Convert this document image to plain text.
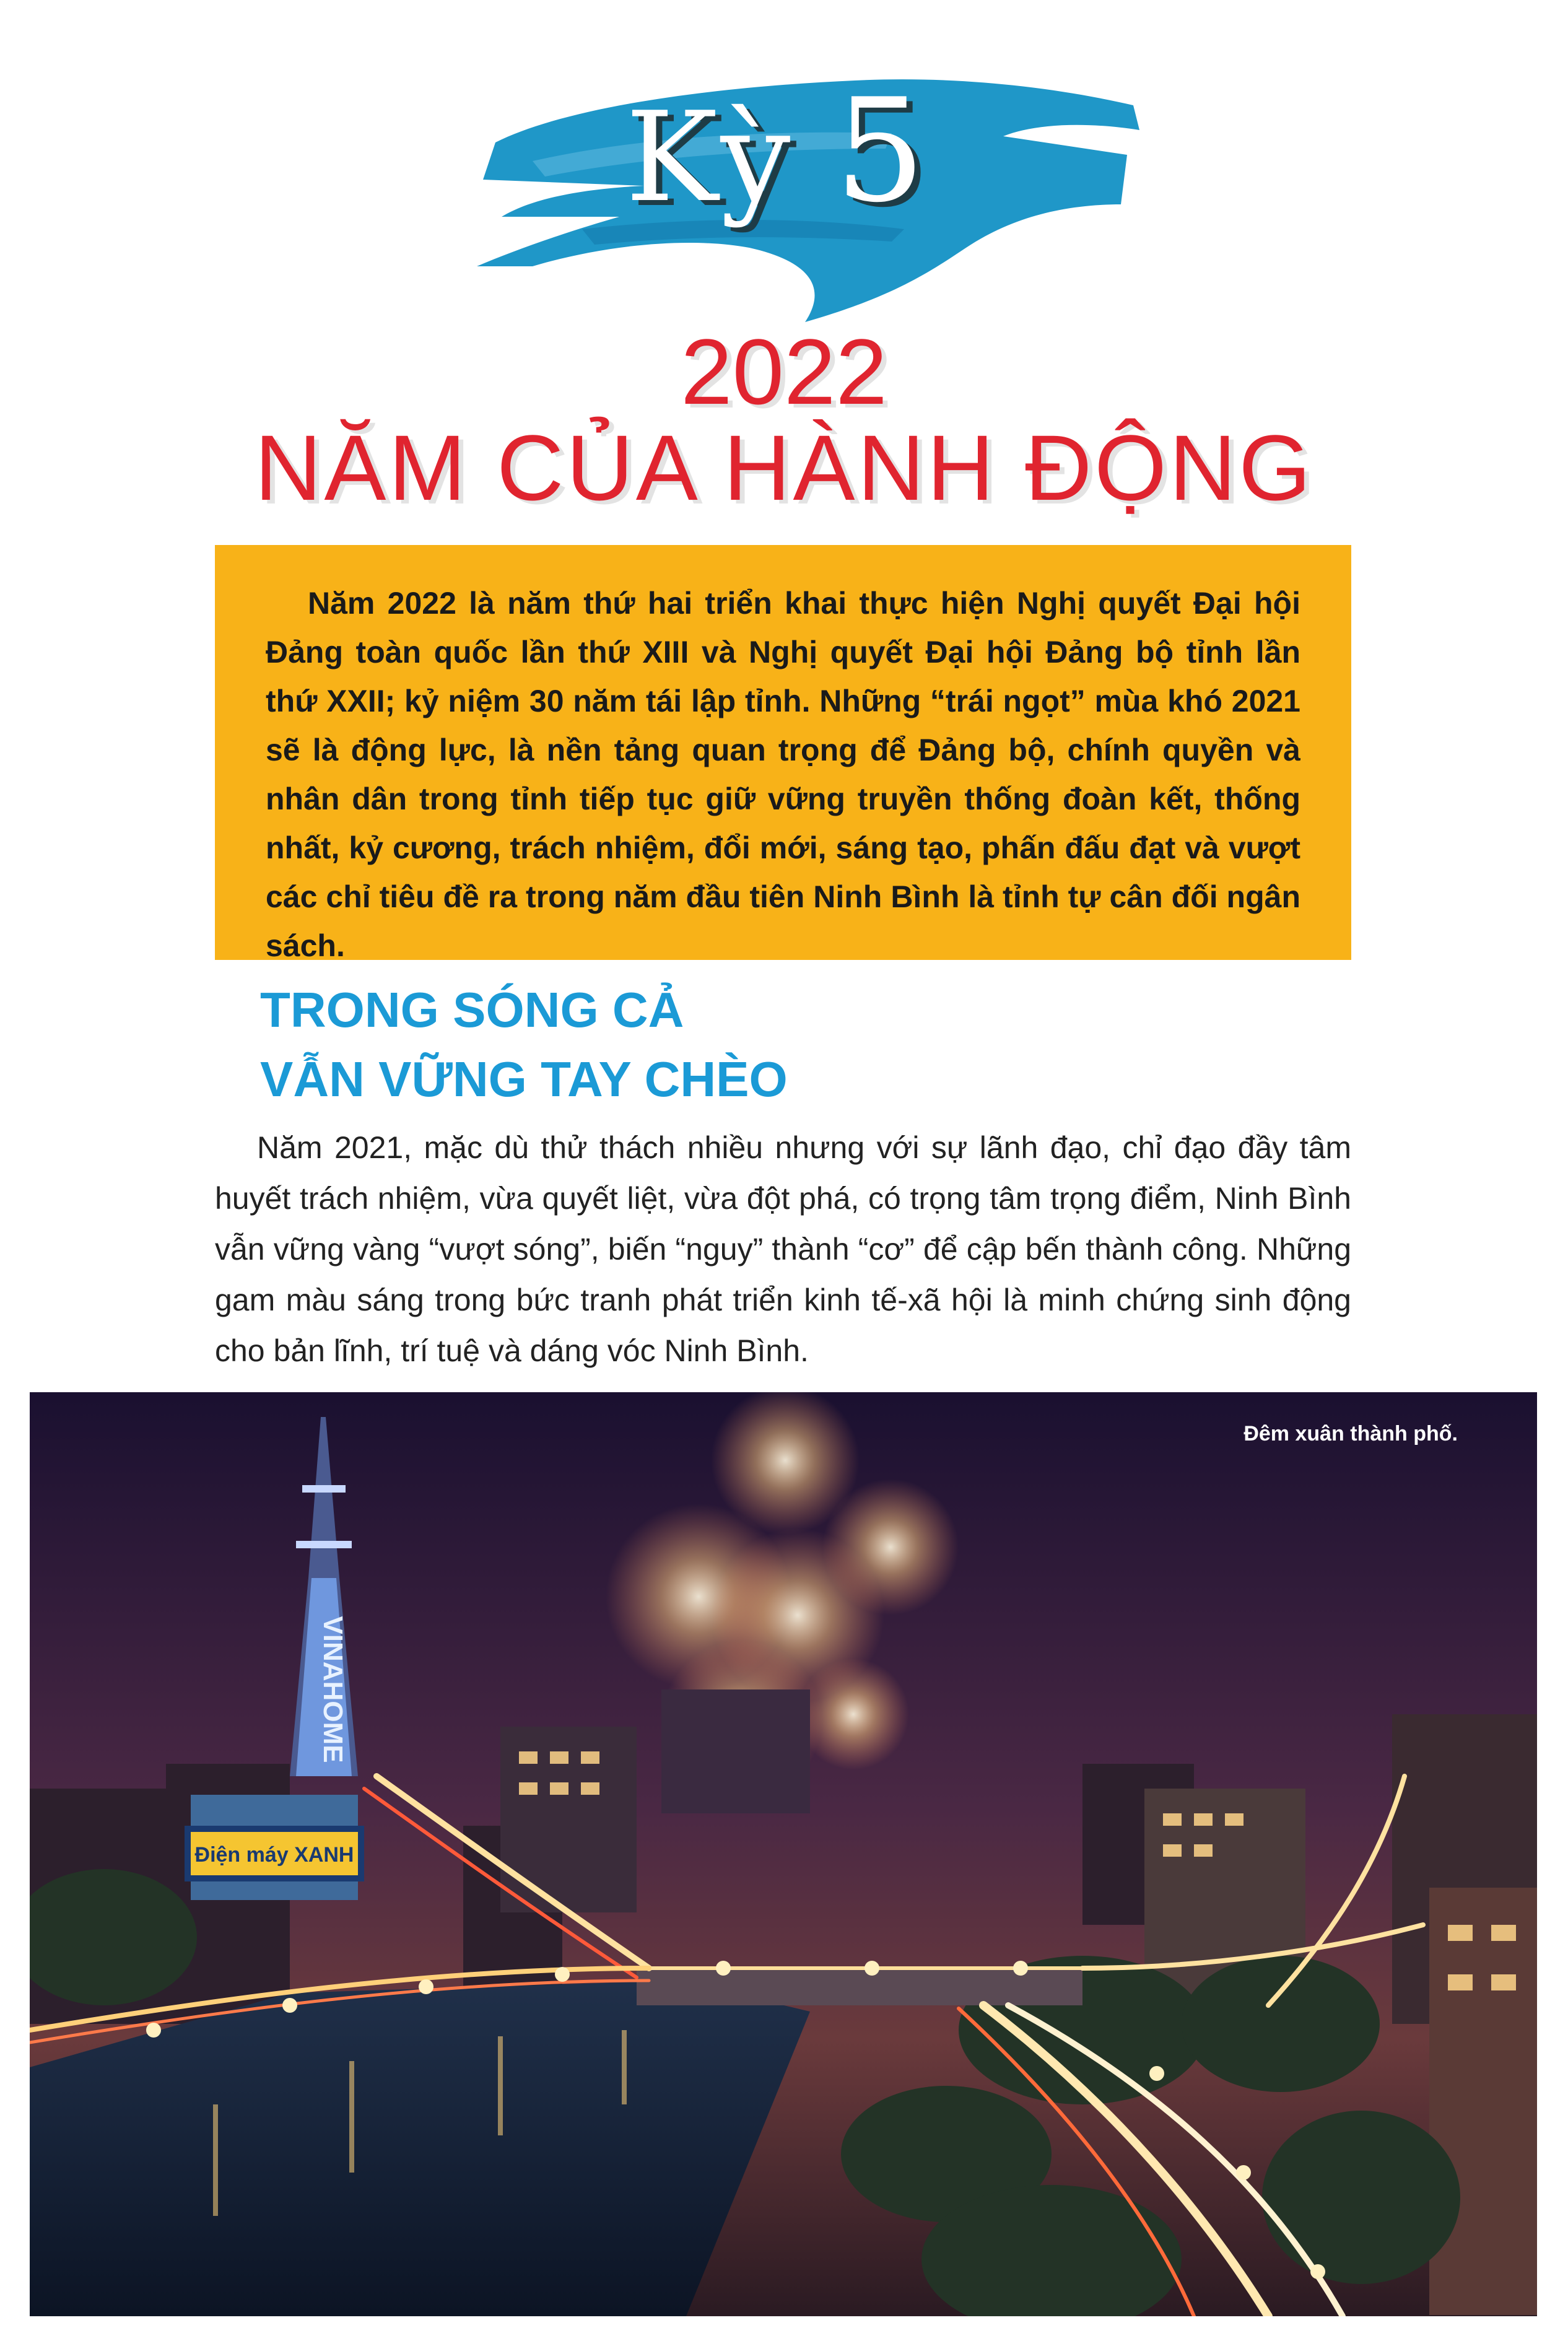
Kỳ 5
2022
NĂM CỦA HÀNH ĐỘNG

Năm 2022 là năm thứ hai triển khai thực hiện Nghị quyết Đại hội Đảng toàn quốc lần thứ XIII và Nghị quyết Đại hội Đảng bộ tỉnh lần thứ XXII; kỷ niệm 30 năm tái lập tỉnh. Những “trái ngọt” mùa khó 2021 sẽ là động lực, là nền tảng quan trọng để Đảng bộ, chính quyền và nhân dân trong tỉnh tiếp tục giữ vững truyền thống đoàn kết, thống nhất, kỷ cương, trách nhiệm, đổi mới, sáng tạo, phấn đấu đạt và vượt các chỉ tiêu đề ra trong năm đầu tiên Ninh Bình là tỉnh tự cân đối ngân sách.

TRONG SÓNG CẢ
VẪN VỮNG TAY CHÈO

Năm 2021, mặc dù thử thách nhiều nhưng với sự lãnh đạo, chỉ đạo đầy tâm huyết trách nhiệm, vừa quyết liệt, vừa đột phá, có trọng tâm trọng điểm, Ninh Bình vẫn vững vàng “vượt sóng”, biến “nguy” thành “cơ” để cập bến thành công. Những gam màu sáng trong bức tranh phát triển kinh tế-xã hội là minh chứng sinh động cho bản lĩnh, trí tuệ và dáng vóc Ninh Bình.

VINAHOME
Điện máy XANH
Đêm xuân thành phố.
